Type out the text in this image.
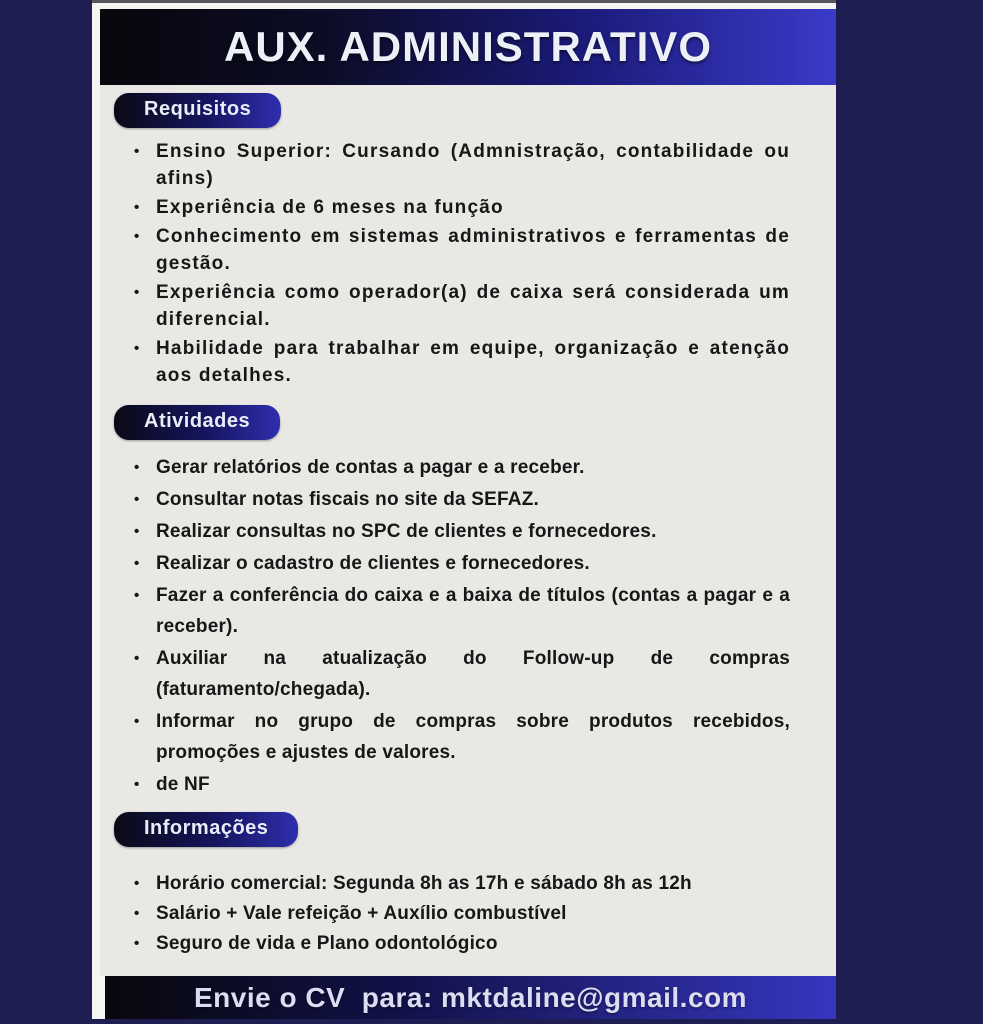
AUX. ADMINISTRATIVO
Requisitos
• Ensino Superior: Cursando (Admnistração, contabilidade ou afins)
• Experiência de 6 meses na função
• Conhecimento em sistemas administrativos e ferramentas de gestão.
• Experiência como operador(a) de caixa será considerada um diferencial.
• Habilidade para trabalhar em equipe, organização e atenção aos detalhes.
Atividades
• Gerar relatórios de contas a pagar e a receber.
• Consultar notas fiscais no site da SEFAZ.
• Realizar consultas no SPC de clientes e fornecedores.
• Realizar o cadastro de clientes e fornecedores.
• Fazer a conferência do caixa e a baixa de títulos (contas a pagar e a receber).
• Auxiliar na atualização do Follow-up de compras (faturamento/chegada).
• Informar no grupo de compras sobre produtos recebidos, promoções e ajustes de valores.
• de NF
Informações
• Horário comercial: Segunda 8h as 17h e sábado 8h as 12h
• Salário + Vale refeição + Auxílio combustível
• Seguro de vida e Plano odontológico
Envie o CV  para: mktdaline@gmail.com
